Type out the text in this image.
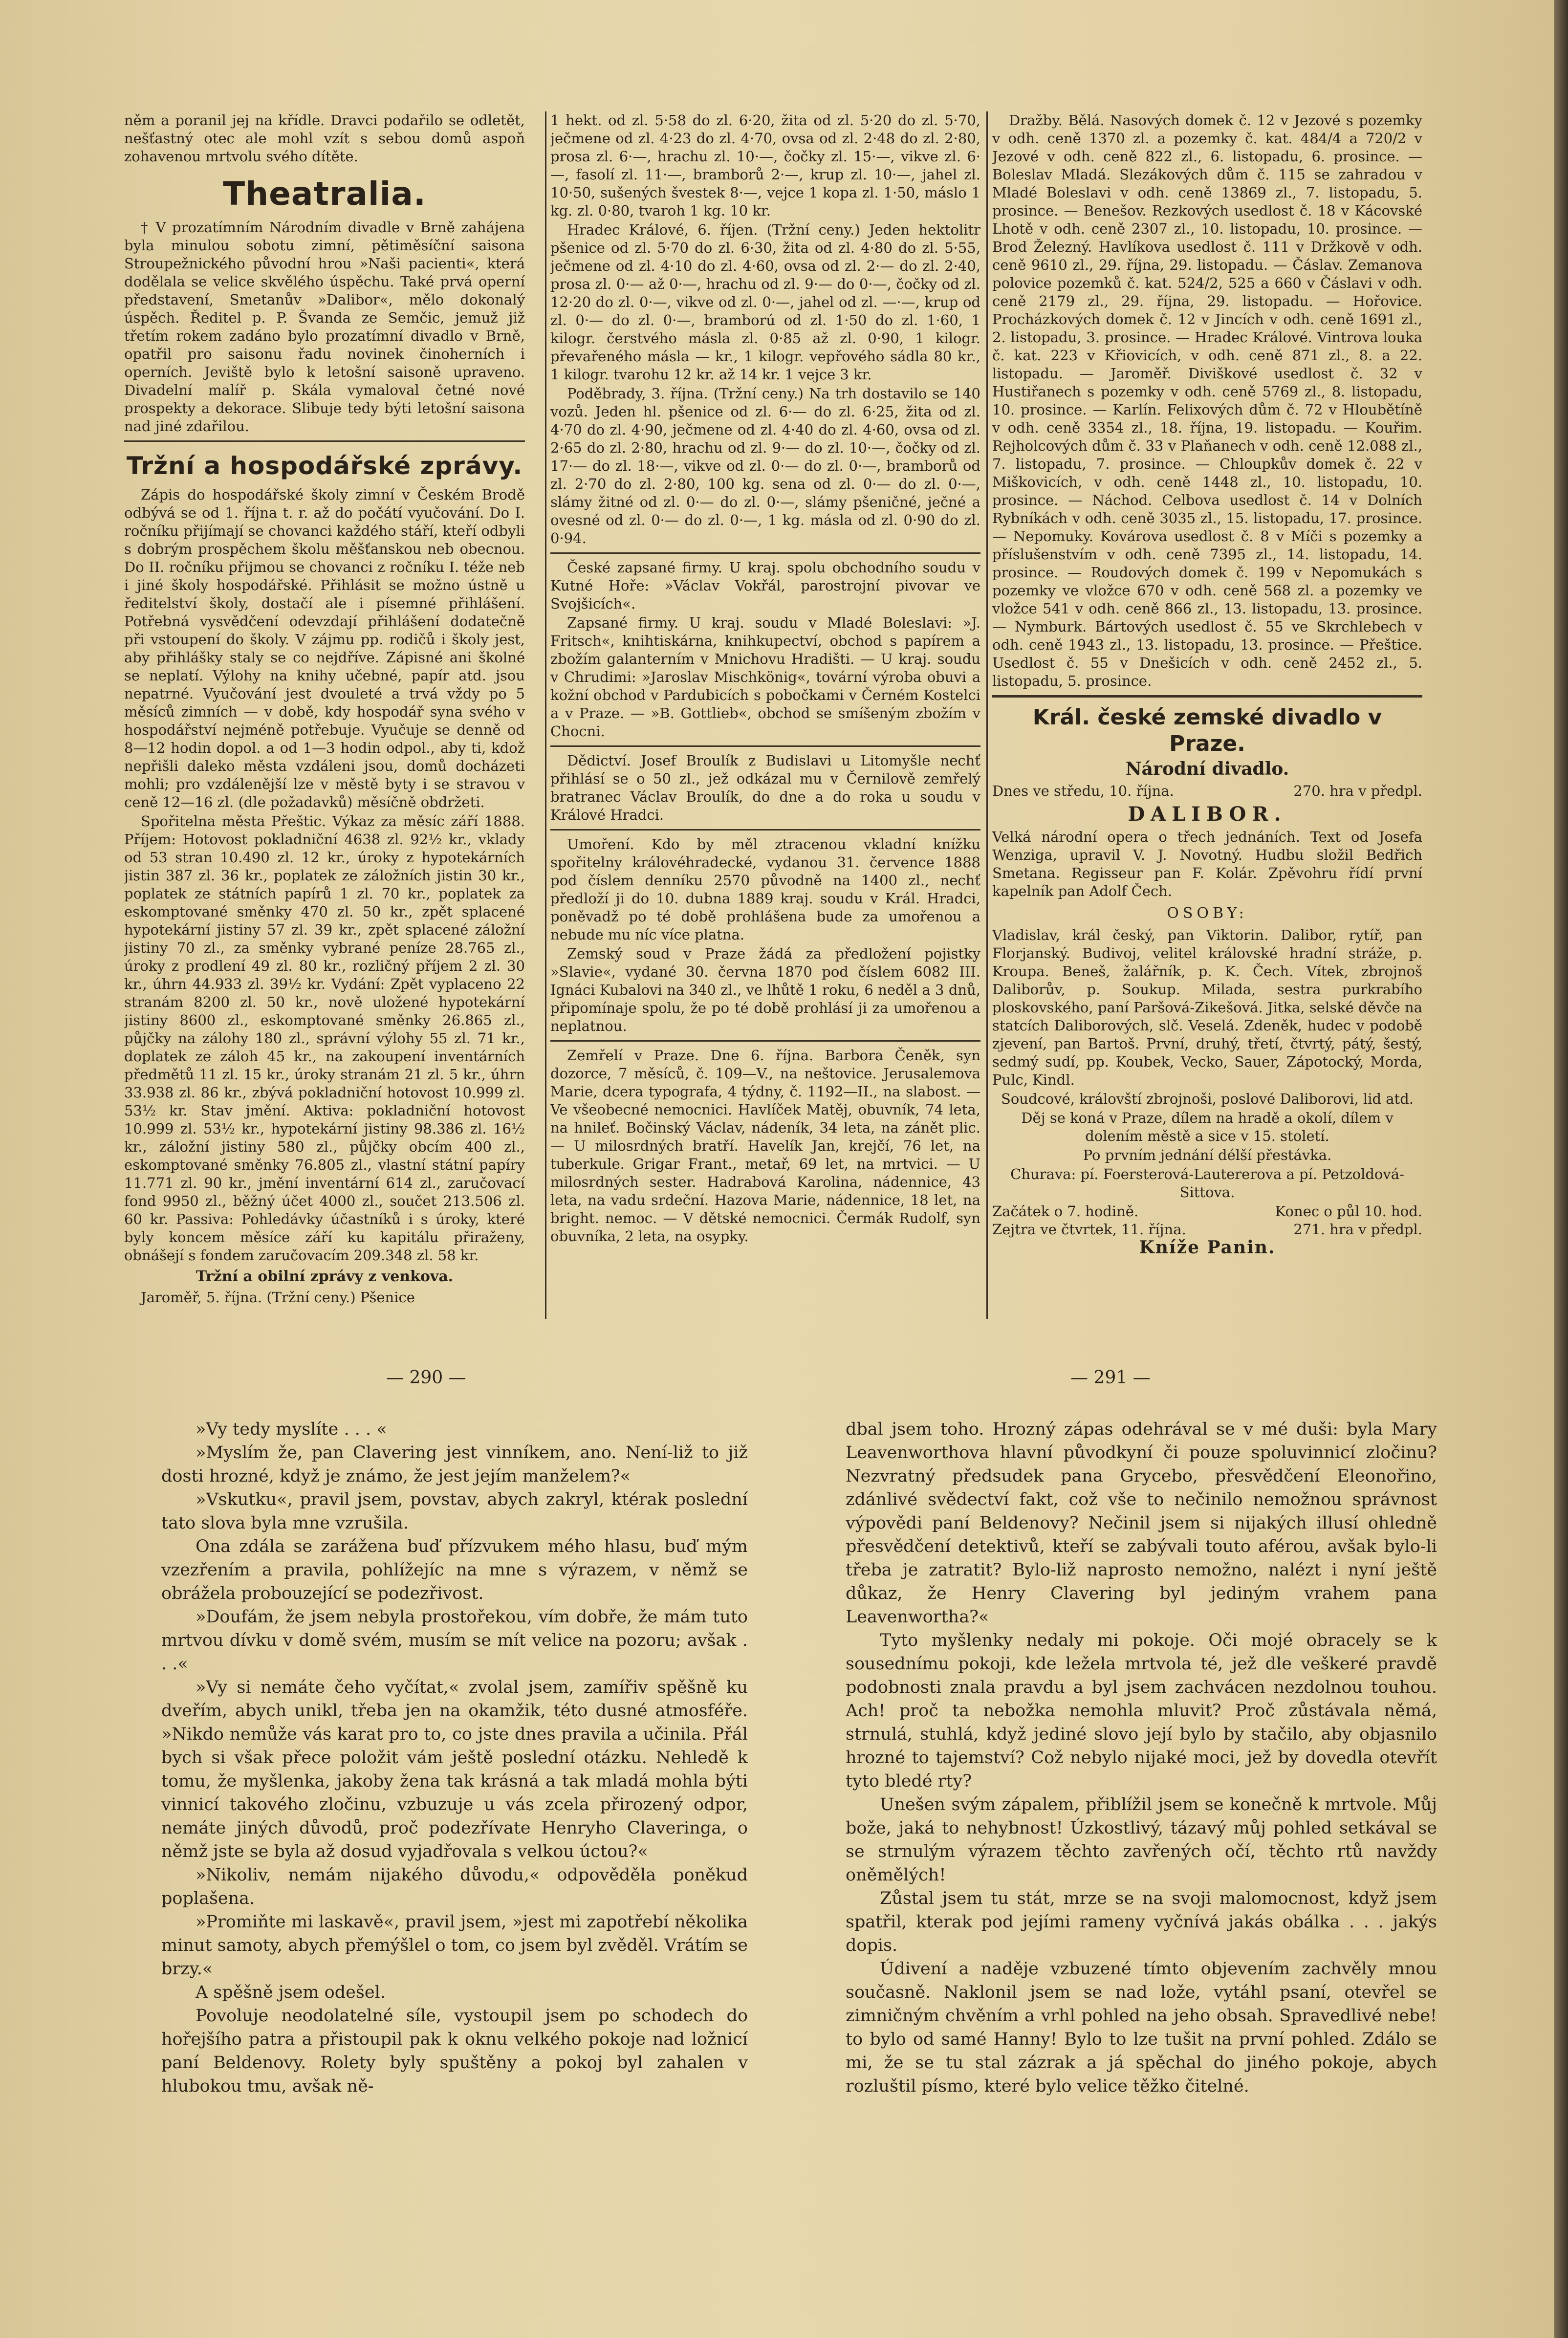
něm a poranil jej na křídle. Dravci podařilo se odletět, nešťastný otec ale mohl vzít s sebou domů aspoň zohavenou mrtvolu svého dítěte.

Theatralia.

† V prozatímním Národním divadle v Brně zahájena byla minulou sobotu zimní, pětiměsíční saisona Stroupežnického původní hrou »Naši pacienti«, která dodělala se velice skvělého úspěchu. Také prvá operní představení, Smetanův »Dalibor«, mělo dokonalý úspěch. Ředitel p. P. Švanda ze Semčic, jemuž již třetím rokem zadáno bylo prozatímní divadlo v Brně, opatřil pro saisonu řadu novinek činoherních i operních. Jeviště bylo k letošní saisoně upraveno. Divadelní malíř p. Skála vymaloval četné nové prospekty a dekorace. Slibuje tedy býti letošní saisona nad jiné zdařilou.

Tržní a hospodářské zprávy.

Zápis do hospodářské školy zimní v Českém Brodě odbývá se od 1. října t. r. až do počátí vyučování. Do I. ročníku přijímají se chovanci každého stáří, kteří odbyli s dobrým prospěchem školu měšťanskou neb obecnou. Do II. ročníku přijmou se chovanci z ročníku I. téže neb i jiné školy hospodářské. Přihlásit se možno ústně u ředitelství školy, dostačí ale i písemné přihlášení. Potřebná vysvědčení odevzdají přihlášení dodatečně při vstoupení do školy. V zájmu pp. rodičů i školy jest, aby přihlášky staly se co nejdříve. Zápisné ani školné se neplatí. Výlohy na knihy učebné, papír atd. jsou nepatrné. Vyučování jest dvouleté a trvá vždy po 5 měsíců zimních — v době, kdy hospodář syna svého v hospodářství nejméně potřebuje. Vyučuje se denně od 8—12 hodin dopol. a od 1—3 hodin odpol., aby ti, kdož nepřišli daleko města vzdáleni jsou, domů docházeti mohli; pro vzdálenější lze v městě byty i se stravou v ceně 12—16 zl. (dle požadavků) měsíčně obdržeti.

Spořitelna města Přeštic. Výkaz za měsíc září 1888. Příjem: Hotovost pokladniční 4638 zl. 92½ kr., vklady od 53 stran 10.490 zl. 12 kr., úroky z hypotekárních jistin 387 zl. 36 kr., poplatek ze záložních jistin 30 kr., poplatek ze státních papírů 1 zl. 70 kr., poplatek za eskomptované směnky 470 zl. 50 kr., zpět splacené hypotekární jistiny 57 zl. 39 kr., zpět splacené záložní jistiny 70 zl., za směnky vybrané peníze 28.765 zl., úroky z prodlení 49 zl. 80 kr., rozličný příjem 2 zl. 30 kr., úhrn 44.933 zl. 39½ kr. Vydání: Zpět vyplaceno 22 stranám 8200 zl. 50 kr., nově uložené hypotekární jistiny 8600 zl., eskomptované směnky 26.865 zl., půjčky na zálohy 180 zl., správní výlohy 55 zl. 71 kr., doplatek ze záloh 45 kr., na zakoupení inventárních předmětů 11 zl. 15 kr., úroky stranám 21 zl. 5 kr., úhrn 33.938 zl. 86 kr., zbývá pokladniční hotovost 10.999 zl. 53½ kr. Stav jmění. Aktiva: pokladniční hotovost 10.999 zl. 53½ kr., hypotekární jistiny 98.386 zl. 16½ kr., záložní jistiny 580 zl., půjčky obcím 400 zl., eskomptované směnky 76.805 zl., vlastní státní papíry 11.771 zl. 90 kr., jmění inventární 614 zl., zaručovací fond 9950 zl., běžný účet 4000 zl., součet 213.506 zl. 60 kr. Passiva: Pohledávky účastníků i s úroky, které byly koncem měsíce září ku kapitálu přiraženy, obnášejí s fondem zaručovacím 209.348 zl. 58 kr.

Tržní a obilní zprávy z venkova.

Jaroměř, 5. října. (Tržní ceny.) Pšenice

1 hekt. od zl. 5·58 do zl. 6·20, žita od zl. 5·20 do zl. 5·70, ječmene od zl. 4·23 do zl. 4·70, ovsa od zl. 2·48 do zl. 2·80, prosa zl. 6·—, hrachu zl. 10·—, čočky zl. 15·—, vikve zl. 6·—, fasolí zl. 11·—, bramborů 2·—, krup zl. 10·—, jahel zl. 10·50, sušených švestek 8·—, vejce 1 kopa zl. 1·50, máslo 1 kg. zl. 0·80, tvaroh 1 kg. 10 kr.

Hradec Králové, 6. říjen. (Tržní ceny.) Jeden hektolitr pšenice od zl. 5·70 do zl. 6·30, žita od zl. 4·80 do zl. 5·55, ječmene od zl. 4·10 do zl. 4·60, ovsa od zl. 2·— do zl. 2·40, prosa zl. 0·— až 0·—, hrachu od zl. 9·— do 0·—, čočky od zl. 12·20 do zl. 0·—, vikve od zl. 0·—, jahel od zl. —·—, krup od zl. 0·— do zl. 0·—, bramború od zl. 1·50 do zl. 1·60, 1 kilogr. čerstvého másla zl. 0·85 až zl. 0·90, 1 kilogr. převařeného másla — kr., 1 kilogr. vepřového sádla 80 kr., 1 kilogr. tvarohu 12 kr. až 14 kr. 1 vejce 3 kr.

Poděbrady, 3. října. (Tržní ceny.) Na trh dostavilo se 140 vozů. Jeden hl. pšenice od zl. 6·— do zl. 6·25, žita od zl. 4·70 do zl. 4·90, ječmene od zl. 4·40 do zl. 4·60, ovsa od zl. 2·65 do zl. 2·80, hrachu od zl. 9·— do zl. 10·—, čočky od zl. 17·— do zl. 18·—, vikve od zl. 0·— do zl. 0·—, bramborů od zl. 2·70 do zl. 2·80, 100 kg. sena od zl. 0·— do zl. 0·—, slámy žitné od zl. 0·— do zl. 0·—, slámy pšeničné, ječné a ovesné od zl. 0·— do zl. 0·—, 1 kg. másla od zl. 0·90 do zl. 0·94.

České zapsané firmy. U kraj. spolu obchodního soudu v Kutné Hoře: »Václav Vokřál, parostrojní pivovar ve Svojšicích«.

Zapsané firmy. U kraj. soudu v Mladé Boleslavi: »J. Fritsch«, knihtiskárna, knihkupectví, obchod s papírem a zbožím galanterním v Mnichovu Hradišti. — U kraj. soudu v Chrudimi: »Jaroslav Mischkönig«, tovární výroba obuvi a kožní obchod v Pardubicích s pobočkami v Černém Kostelci a v Praze. — »B. Gottlieb«, obchod se smíšeným zbožím v Chocni.

Dědictví. Josef Broulík z Budislavi u Litomyšle nechť přihlásí se o 50 zl., jež odkázal mu v Černilově zemřelý bratranec Václav Broulík, do dne a do roka u soudu v Králové Hradci.

Umoření. Kdo by měl ztracenou vkladní knížku spořitelny královéhradecké, vydanou 31. července 1888 pod číslem denníku 2570 původně na 1400 zl., nechť předloží ji do 10. dubna 1889 kraj. soudu v Král. Hradci, poněvadž po té době prohlášena bude za umořenou a nebude mu níc více platna.

Zemský soud v Praze žádá za předložení pojistky »Slavie«, vydané 30. června 1870 pod číslem 6082 III. Ignáci Kubalovi na 340 zl., ve lhůtě 1 roku, 6 neděl a 3 dnů, připomínaje spolu, že po té době prohlásí ji za umořenou a neplatnou.

Zemřelí v Praze. Dne 6. října. Barbora Čeněk, syn dozorce, 7 měsíců, č. 109—V., na neštovice. Jerusalemova Marie, dcera typografa, 4 týdny, č. 1192—II., na slabost. — Ve všeobecné nemocnici. Havlíček Matěj, obuvník, 74 leta, na hnileť. Bočinský Václav, nádeník, 34 leta, na zánět plic. — U milosrdných bratří. Havelík Jan, krejčí, 76 let, na tuberkule. Grigar Frant., metař, 69 let, na mrtvici. — U milosrdných sester. Hadrabová Karolina, nádennice, 43 leta, na vadu srdeční. Hazova Marie, nádennice, 18 let, na bright. nemoc. — V dětské nemocnici. Čermák Rudolf, syn obuvníka, 2 leta, na osypky.

Dražby. Bělá. Nasových domek č. 12 v Jezové s pozemky v odh. ceně 1370 zl. a pozemky č. kat. 484/4 a 720/2 v Jezové v odh. ceně 822 zl., 6. listopadu, 6. prosince. — Boleslav Mladá. Slezákových dům č. 115 se zahradou v Mladé Boleslavi v odh. ceně 13869 zl., 7. listopadu, 5. prosince. — Benešov. Rezkových usedlost č. 18 v Kácovské Lhotě v odh. ceně 2307 zl., 10. listopadu, 10. prosince. — Brod Železný. Havlíkova usedlost č. 111 v Držkově v odh. ceně 9610 zl., 29. října, 29. listopadu. — Čáslav. Zemanova polovice pozemků č. kat. 524/2, 525 a 660 v Čáslavi v odh. ceně 2179 zl., 29. října, 29. listopadu. — Hořovice. Procházkových domek č. 12 v Jincích v odh. ceně 1691 zl., 2. listopadu, 3. prosince. — Hradec Králové. Vintrova louka č. kat. 223 v Křiovicích, v odh. ceně 871 zl., 8. a 22. listopadu. — Jaroměř. Diviškové usedlost č. 32 v Hustiřanech s pozemky v odh. ceně 5769 zl., 8. listopadu, 10. prosince. — Karlín. Felixových dům č. 72 v Hloubětíně v odh. ceně 3354 zl., 18. října, 19. listopadu. — Kouřim. Rejholcových dům č. 33 v Plaňanech v odh. ceně 12.088 zl., 7. listopadu, 7. prosince. — Chloupkův domek č. 22 v Miškovicích, v odh. ceně 1448 zl., 10. listopadu, 10. prosince. — Náchod. Celbova usedlost č. 14 v Dolních Rybníkách v odh. ceně 3035 zl., 15. listopadu, 17. prosince. — Nepomuky. Kovárova usedlost č. 8 v Míči s pozemky a příslušenstvím v odh. ceně 7395 zl., 14. listopadu, 14. prosince. — Roudových domek č. 199 v Nepomukách s pozemky ve vložce 670 v odh. ceně 568 zl. a pozemky ve vložce 541 v odh. ceně 866 zl., 13. listopadu, 13. prosince. — Nymburk. Bártových usedlost č. 55 ve Skrchlebech v odh. ceně 1943 zl., 13. listopadu, 13. prosince. — Přeštice. Usedlost č. 55 v Dnešicích v odh. ceně 2452 zl., 5. listopadu, 5. prosince.

Král. české zemské divadlo v Praze.
Národní divadlo.
Dnes ve středu, 10. října.	270. hra v předpl.
DALIBOR.

Velká národní opera o třech jednáních. Text od Josefa Wenziga, upravil V. J. Novotný. Hudbu složil Bedřich Smetana. Regisseur pan F. Kolár. Zpěvohru řídí první kapelník pan Adolf Čech.

OSOBY:

Vladislav, král český, pan Viktorin. Dalibor, rytíř, pan Florjanský. Budivoj, velitel královské hradní stráže, p. Kroupa. Beneš, žalářník, p. K. Čech. Vítek, zbrojnoš Daliborův, p. Soukup. Milada, sestra purkrabího ploskovského, paní Paršová-Zikešová. Jitka, selské děvče na statcích Daliborových, slč. Veselá. Zdeněk, hudec v podobě zjevení, pan Bartoš. První, druhý, třetí, čtvrtý, pátý, šestý, sedmý sudí, pp. Koubek, Vecko, Sauer, Zápotocký, Morda, Pulc, Kindl.

Soudcové, královští zbrojnoši, poslové Daliborovi, lid atd.

Děj se koná v Praze, dílem na hradě a okolí, dílem v dolením městě a sice v 15. století.

Po prvním jednání délší přestávka.

Churava: pí. Foersterová-Lautererova a pí. Petzoldová-Sittova.

Začátek o 7. hodině.	Konec o půl 10. hod.
Zejtra ve čtvrtek, 11. října.	271. hra v předpl.
Kníže Panin.
— 290 —	— 291 —

»Vy tedy myslíte . . . «

»Myslím že, pan Clavering jest vinníkem, ano. Není-liž to již dosti hrozné, když je známo, že jest jejím manželem?«

»Vskutku«, pravil jsem, povstav, abych zakryl, ktérak poslední tato slova byla mne vzrušila.

Ona zdála se zarážena buď přízvukem mého hlasu, buď mým vzezřením a pravila, pohlížejíc na mne s výrazem, v němž se obrážela probouzející se podezřivost.

»Doufám, že jsem nebyla prostořekou, vím dobře, že mám tuto mrtvou dívku v domě svém, musím se mít velice na pozoru; avšak . . .«

»Vy si nemáte čeho vyčítat,« zvolal jsem, zamířiv spěšně ku dveřím, abych unikl, třeba jen na okamžik, této dusné atmosféře. »Nikdo nemůže vás karat pro to, co jste dnes pravila a učinila. Přál bych si však přece položit vám ještě poslední otázku. Nehledě k tomu, že myšlenka, jakoby žena tak krásná a tak mladá mohla býti vinnicí takového zločinu, vzbuzuje u vás zcela přirozený odpor, nemáte jiných důvodů, proč podezřívate Henryho Claveringa, o němž jste se byla až dosud vyjadřovala s velkou úctou?«

»Nikoliv, nemám nijakého důvodu,« odpověděla poněkud poplašena.

»Promiňte mi laskavě«, pravil jsem, »jest mi zapotřebí několika minut samoty, abych přemýšlel o tom, co jsem byl zvěděl. Vrátím se brzy.«

A spěšně jsem odešel.

Povoluje neodolatelné síle, vystoupil jsem po schodech do hořejšího patra a přistoupil pak k oknu velkého pokoje nad ložnicí paní Beldenovy. Rolety byly spuštěny a pokoj byl zahalen v hlubokou tmu, avšak ně-

dbal jsem toho. Hrozný zápas odehrával se v mé duši: byla Mary Leavenworthova hlavní původkyní či pouze spoluvinnicí zločinu? Nezvratný předsudek pana Grycebo, přesvědčení Eleonořino, zdánlivé svědectví fakt, což vše to nečinilo nemožnou správnost výpovědi paní Beldenovy? Nečinil jsem si nijakých illusí ohledně přesvědčení detektivů, kteří se zabývali touto aférou, avšak bylo-li třeba je zatratit? Bylo-liž naprosto nemožno, nalézt i nyní ještě důkaz, že Henry Clavering byl jediným vrahem pana Leavenworthа?«

Tyto myšlenky nedaly mi pokoje. Oči mojé obracely se k sousednímu pokoji, kde ležela mrtvola té, jež dle veškeré pravdě podobnosti znala pravdu a byl jsem zachvácen nezdolnou touhou. Ach! proč ta nebožka nemohla mluvit? Proč zůstávala němá, strnulá, stuhlá, když jediné slovo její bylo by stačilo, aby objasnilo hrozné to tajemství? Což nebylo nijaké moci, jež by dovedla otevřít tyto bledé rty?

Unešen svým zápalem, přiblížil jsem se konečně k mrtvole. Můj bože, jaká to nehybnost! Úzkostlivý, tázavý můj pohled setkával se se strnulým výrazem těchto zavřených očí, těchto rtů navždy oněmělých!

Zůstal jsem tu stát, mrze se na svoji malomocnost, když jsem spatřil, kterak pod jejími rameny vyčnívá jakás obálka . . . jakýs dopis.

Údivení a naděje vzbuzené tímto objevením zachvěly mnou současně. Naklonil jsem se nad lože, vytáhl psaní, otevřel se zimničným chvěním a vrhl pohled na jeho obsah. Spravedlivé nebe! to bylo od samé Hanny! Bylo to lze tušit na první pohled. Zdálo se mi, že se tu stal zázrak a já spěchal do jiného pokoje, abych rozluštil písmo, které bylo velice těžko čitelné.
